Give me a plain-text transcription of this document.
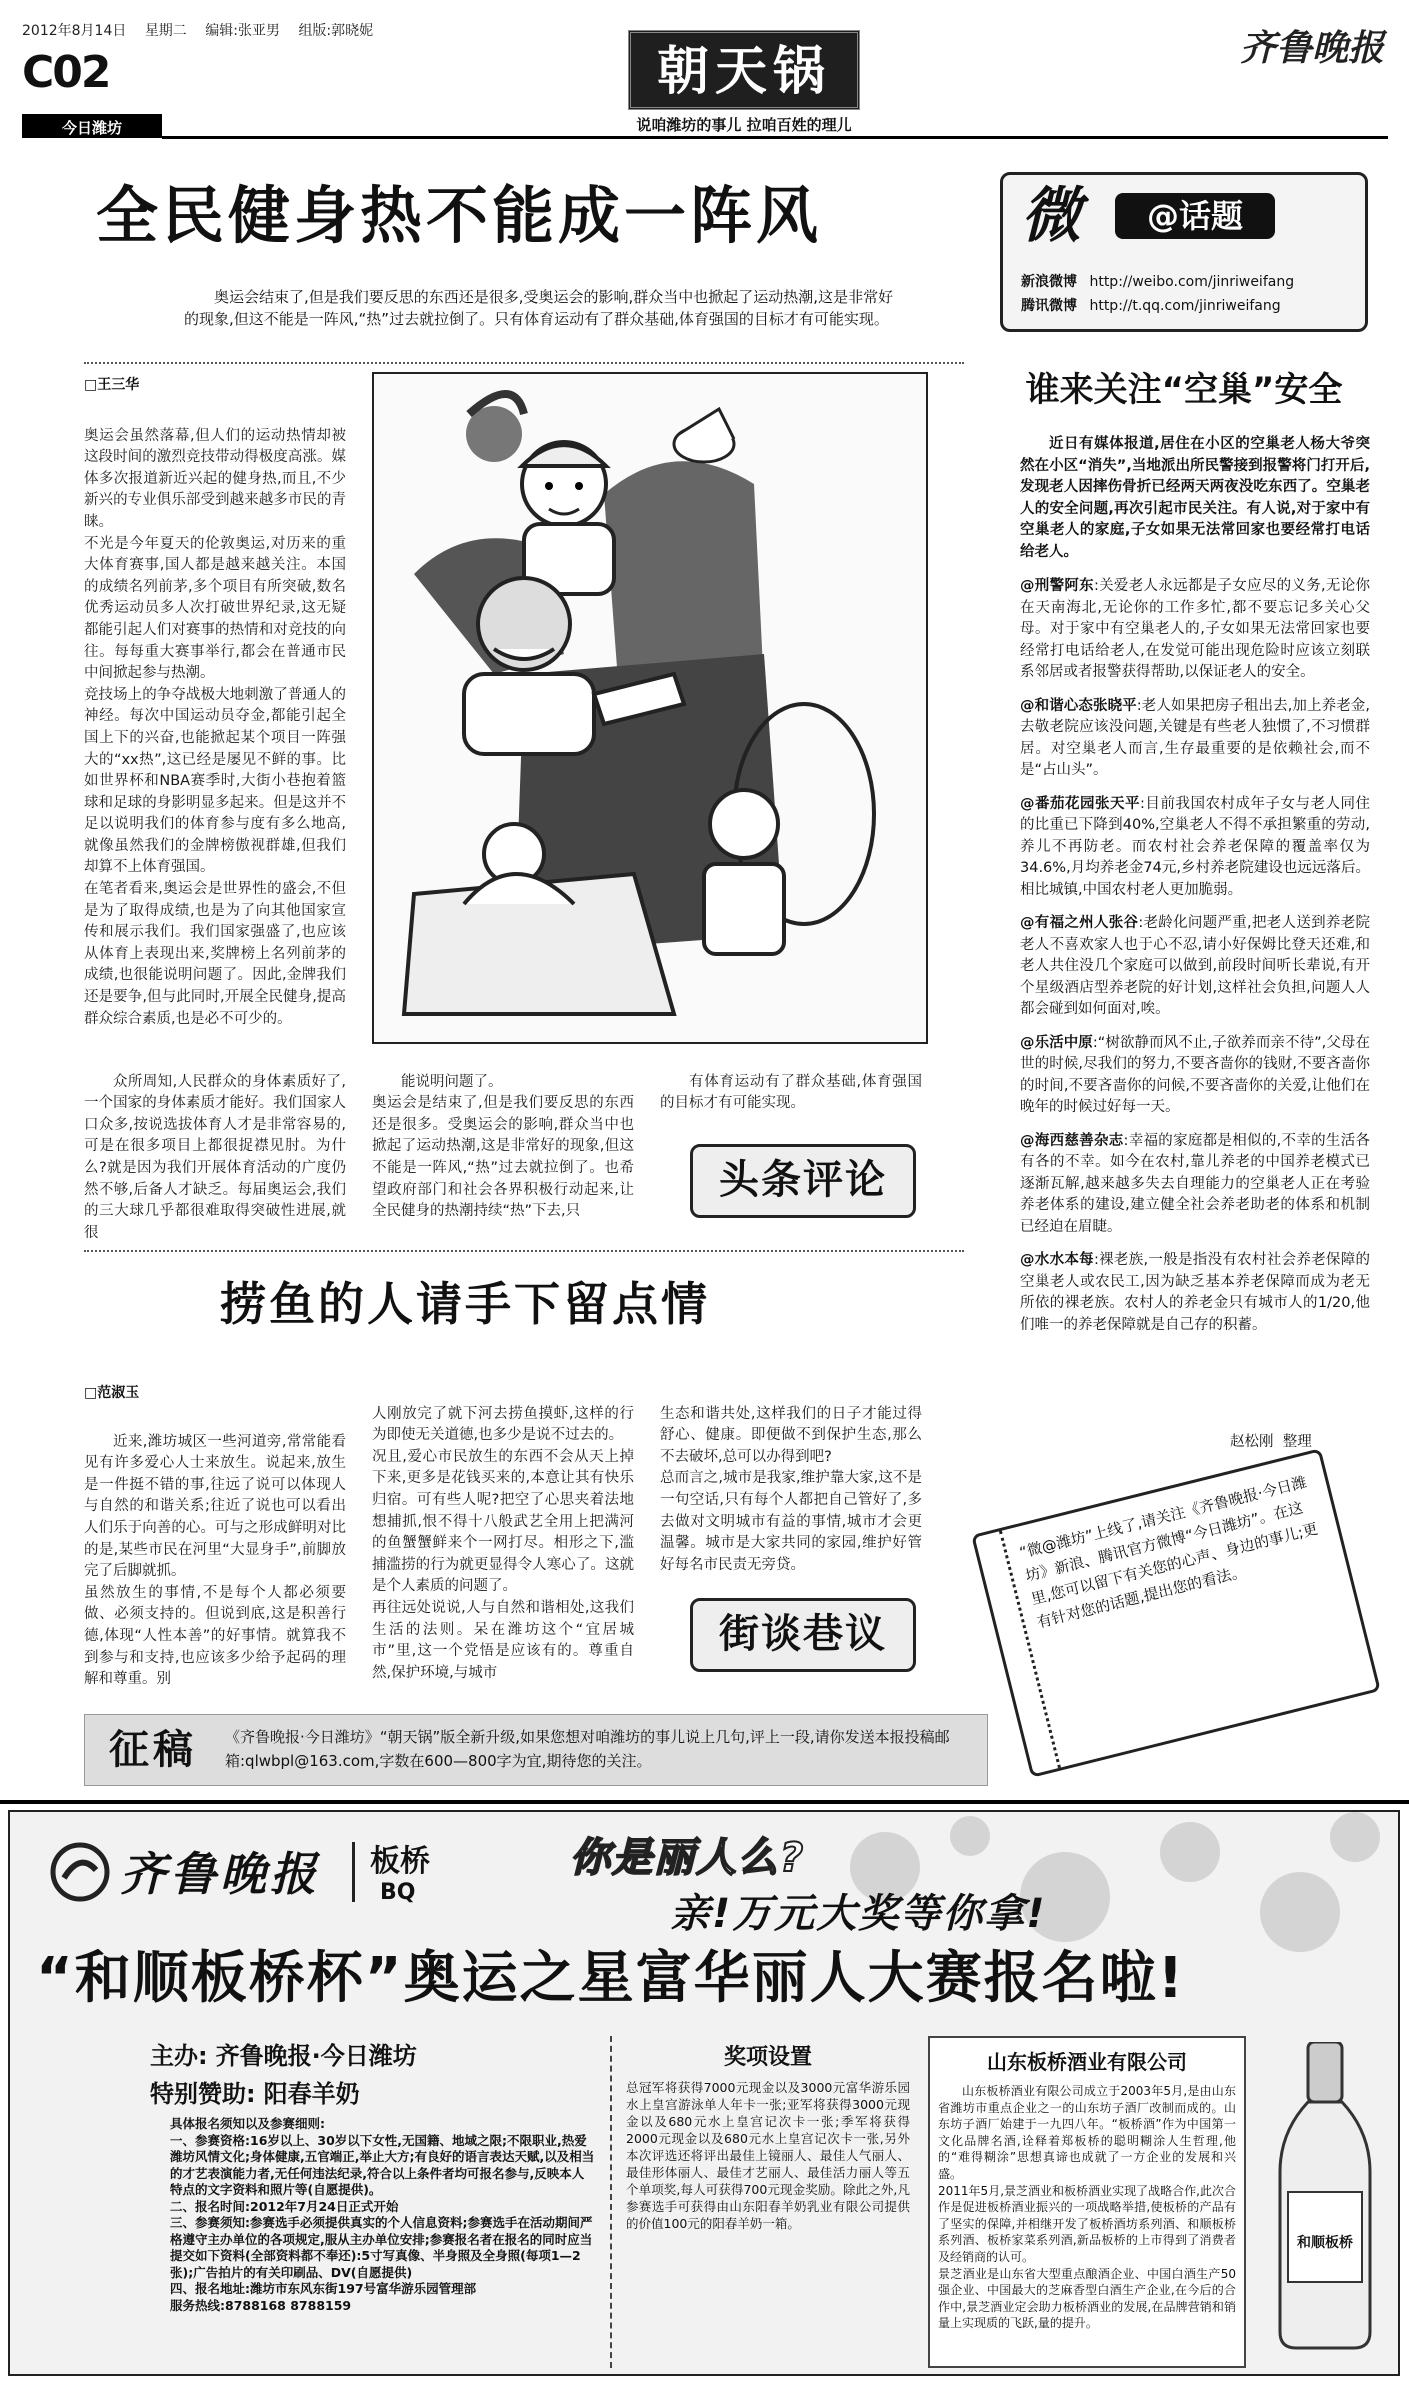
2012年8月14日 星期二 编辑:张亚男 组版:郭晓妮
C02
今日潍坊
朝天锅
说咱潍坊的事儿 拉咱百姓的理儿
齐鲁晚报
全民健身热不能成一阵风
奥运会结束了,但是我们要反思的东西还是很多,受奥运会的影响,群众当中也掀起了运动热潮,这是非常好的现象,但这不能是一阵风,“热”过去就拉倒了。只有体育运动有了群众基础,体育强国的目标才有可能实现。
□王三华

奥运会虽然落幕,但人们的运动热情却被这段时间的激烈竞技带动得极度高涨。媒体多次报道新近兴起的健身热,而且,不少新兴的专业俱乐部受到越来越多市民的青睐。
不光是今年夏天的伦敦奥运,对历来的重大体育赛事,国人都是越来越关注。本国的成绩名列前茅,多个项目有所突破,数名优秀运动员多人次打破世界纪录,这无疑都能引起人们对赛事的热情和对竞技的向往。每每重大赛事举行,都会在普通市民中间掀起参与热潮。
竞技场上的争夺战极大地刺激了普通人的神经。每次中国运动员夺金,都能引起全国上下的兴奋,也能掀起某个项目一阵强大的“xx热”,这已经是屡见不鲜的事。比如世界杯和NBA赛季时,大街小巷抱着篮球和足球的身影明显多起来。但是这并不足以说明我们的体育参与度有多么地高,就像虽然我们的金牌榜傲视群雄,但我们却算不上体育强国。
在笔者看来,奥运会是世界性的盛会,不但是为了取得成绩,也是为了向其他国家宣传和展示我们。我们国家强盛了,也应该从体育上表现出来,奖牌榜上名列前茅的成绩,也很能说明问题了。因此,金牌我们还是要争,但与此同时,开展全民健身,提高群众综合素质,也是必不可少的。

众所周知,人民群众的身体素质好了,一个国家的身体素质才能好。我们国家人口众多,按说选拔体育人才是非常容易的,可是在很多项目上都很捉襟见肘。为什么?就是因为我们开展体育活动的广度仍然不够,后备人才缺乏。每届奥运会,我们的三大球几乎都很难取得突破性进展,就很

能说明问题了。
奥运会是结束了,但是我们要反思的东西还是很多。受奥运会的影响,群众当中也掀起了运动热潮,这是非常好的现象,但这不能是一阵风,“热”过去就拉倒了。也希望政府部门和社会各界积极行动起来,让全民健身的热潮持续“热”下去,只

有体育运动有了群众基础,体育强国的目标才有可能实现。

头条评论
捞鱼的人请手下留点情
□范淑玉

近来,潍坊城区一些河道旁,常常能看见有许多爱心人士来放生。说起来,放生是一件挺不错的事,往远了说可以体现人与自然的和谐关系;往近了说也可以看出人们乐于向善的心。可与之形成鲜明对比的是,某些市民在河里“大显身手”,前脚放完了后脚就抓。
虽然放生的事情,不是每个人都必须要做、必须支持的。但说到底,这是积善行德,体现“人性本善”的好事情。就算我不到参与和支持,也应该多少给予起码的理解和尊重。别

人刚放完了就下河去捞鱼摸虾,这样的行为即使无关道德,也多少是说不过去的。
况且,爱心市民放生的东西不会从天上掉下来,更多是花钱买来的,本意让其有快乐归宿。可有些人呢?把空了心思夹着法地想捕抓,恨不得十八般武艺全用上把满河的鱼蟹蟹鲜来个一网打尽。相形之下,滥捕滥捞的行为就更显得令人寒心了。这就是个人素质的问题了。
再往远处说说,人与自然和谐相处,这我们生活的法则。呆在潍坊这个“宜居城市”里,这一个党悟是应该有的。尊重自然,保护环境,与城市

生态和谐共处,这样我们的日子才能过得舒心、健康。即便做不到保护生态,那么不去破坏,总可以办得到吧?
总而言之,城市是我家,维护靠大家,这不是一句空话,只有每个人都把自己管好了,多去做对文明城市有益的事情,城市才会更温馨。城市是大家共同的家园,维护好管好每名市民责无旁贷。

街谈巷议
微	@话题
新浪微博 http://weibo.com/jinriweifang
腾讯微博 http://t.qq.com/jinriweifang
谁来关注“空巢”安全
近日有媒体报道,居住在小区的空巢老人杨大爷突然在小区“消失”,当地派出所民警接到报警将门打开后,发现老人因摔伤骨折已经两天两夜没吃东西了。空巢老人的安全问题,再次引起市民关注。有人说,对于家中有空巢老人的家庭,子女如果无法常回家也要经常打电话给老人。
@刑警阿东:关爱老人永远都是子女应尽的义务,无论你在天南海北,无论你的工作多忙,都不要忘记多关心父母。对于家中有空巢老人的,子女如果无法常回家也要经常打电话给老人,在发觉可能出现危险时应该立刻联系邻居或者报警获得帮助,以保证老人的安全。
@和谐心态张晓平:老人如果把房子租出去,加上养老金,去敬老院应该没问题,关键是有些老人独惯了,不习惯群居。对空巢老人而言,生存最重要的是依赖社会,而不是“占山头”。
@番茄花园张天平:目前我国农村成年子女与老人同住的比重已下降到40%,空巢老人不得不承担繁重的劳动,养儿不再防老。而农村社会养老保障的覆盖率仅为34.6%,月均养老金74元,乡村养老院建设也远远落后。相比城镇,中国农村老人更加脆弱。
@有福之州人张谷:老龄化问题严重,把老人送到养老院老人不喜欢家人也于心不忍,请小好保姆比登天还难,和老人共住没几个家庭可以做到,前段时间听长辈说,有开个星级酒店型养老院的好计划,这样社会负担,问题人人都会碰到如何面对,唉。
@乐活中原:“树欲静而风不止,子欲养而亲不待”,父母在世的时候,尽我们的努力,不要吝啬你的钱财,不要吝啬你的时间,不要吝啬你的问候,不要吝啬你的关爱,让他们在晚年的时候过好每一天。
@海西慈善杂志:幸福的家庭都是相似的,不幸的生活各有各的不幸。如今在农村,靠儿养老的中国养老模式已逐渐瓦解,越来越多失去自理能力的空巢老人正在考验养老体系的建设,建立健全社会养老助老的体系和机制已经迫在眉睫。
@水水本每:裸老族,一般是指没有农村社会养老保障的空巢老人或农民工,因为缺乏基本养老保障而成为老无所依的裸老族。农村人的养老金只有城市人的1/20,他们唯一的养老保障就是自己存的积蓄。
赵松刚  整理
“微@潍坊”上线了,请关注《齐鲁晚报·今日潍坊》新浪、腾讯官方微博“今日潍坊”。在这里,您可以留下有关您的心声、身边的事儿;更有针对您的话题,提出您的看法。
征稿 《齐鲁晚报·今日潍坊》“朝天锅”版全新升级,如果您想对咱潍坊的事儿说上几句,评上一段,请你发送本报投稿邮箱:qlwbpl@163.com,字数在600—800字为宜,期待您的关注。
齐鲁晚报 板桥
BQ
你是丽人么?
亲!万元大奖等你拿!
“和顺板桥杯”奥运之星富华丽人大赛报名啦!
主办: 齐鲁晚报·今日潍坊
特别赞助: 阳春羊奶
具体报名须知以及参赛细则:
一、参赛资格:16岁以上、30岁以下女性,无国籍、地域之限;不限职业,热爱潍坊风情文化;身体健康,五官端正,举止大方;有良好的语言表达天赋,以及相当的才艺表演能力者,无任何违法纪录,符合以上条件者均可报名参与,反映本人特点的文字资料和照片等(自愿提供)。
二、报名时间:2012年7月24日正式开始
三、参赛须知:参赛选手必须提供真实的个人信息资料;参赛选手在活动期间严格遵守主办单位的各项规定,服从主办单位安排;参赛报名者在报名的同时应当提交如下资料(全部资料都不奉还):5寸写真像、半身照及全身照(每项1—2张);广告拍片的有关印刷品、DV(自愿提供)
四、报名地址:潍坊市东风东街197号富华游乐园管理部
服务热线:8788168 8788159
奖项设置
总冠军将获得7000元现金以及3000元富华游乐园水上皇宫游泳单人年卡一张;亚军将获得3000元现金以及680元水上皇宫记次卡一张;季军将获得2000元现金以及680元水上皇宫记次卡一张,另外本次评选还将评出最佳上镜丽人、最佳人气丽人、最佳形体丽人、最佳才艺丽人、最佳活力丽人等五个单项奖,每人可获得700元现金奖励。除此之外,凡参赛选手可获得由山东阳春羊奶乳业有限公司提供的价值100元的阳春羊奶一箱。
山东板桥酒业有限公司
山东板桥酒业有限公司成立于2003年5月,是由山东省潍坊市重点企业之一的山东坊子酒厂改制而成的。山东坊子酒厂始建于一九四八年。“板桥酒”作为中国第一文化品牌名酒,诠释着郑板桥的聪明糊涂人生哲理,他的“难得糊涂”思想真谛也成就了一方企业的发展和兴盛。
2011年5月,景芝酒业和板桥酒业实现了战略合作,此次合作是促进板桥酒业振兴的一项战略举措,使板桥的产品有了坚实的保障,并相继开发了板桥酒坊系列酒、和顺板桥系列酒、板桥家菜系列酒,新品板桥的上市得到了消费者及经销商的认可。
景芝酒业是山东省大型重点酿酒企业、中国白酒生产50强企业、中国最大的芝麻香型白酒生产企业,在今后的合作中,景芝酒业定会助力板桥酒业的发展,在品牌营销和销量上实现质的飞跃,量的提升。
和顺板桥
